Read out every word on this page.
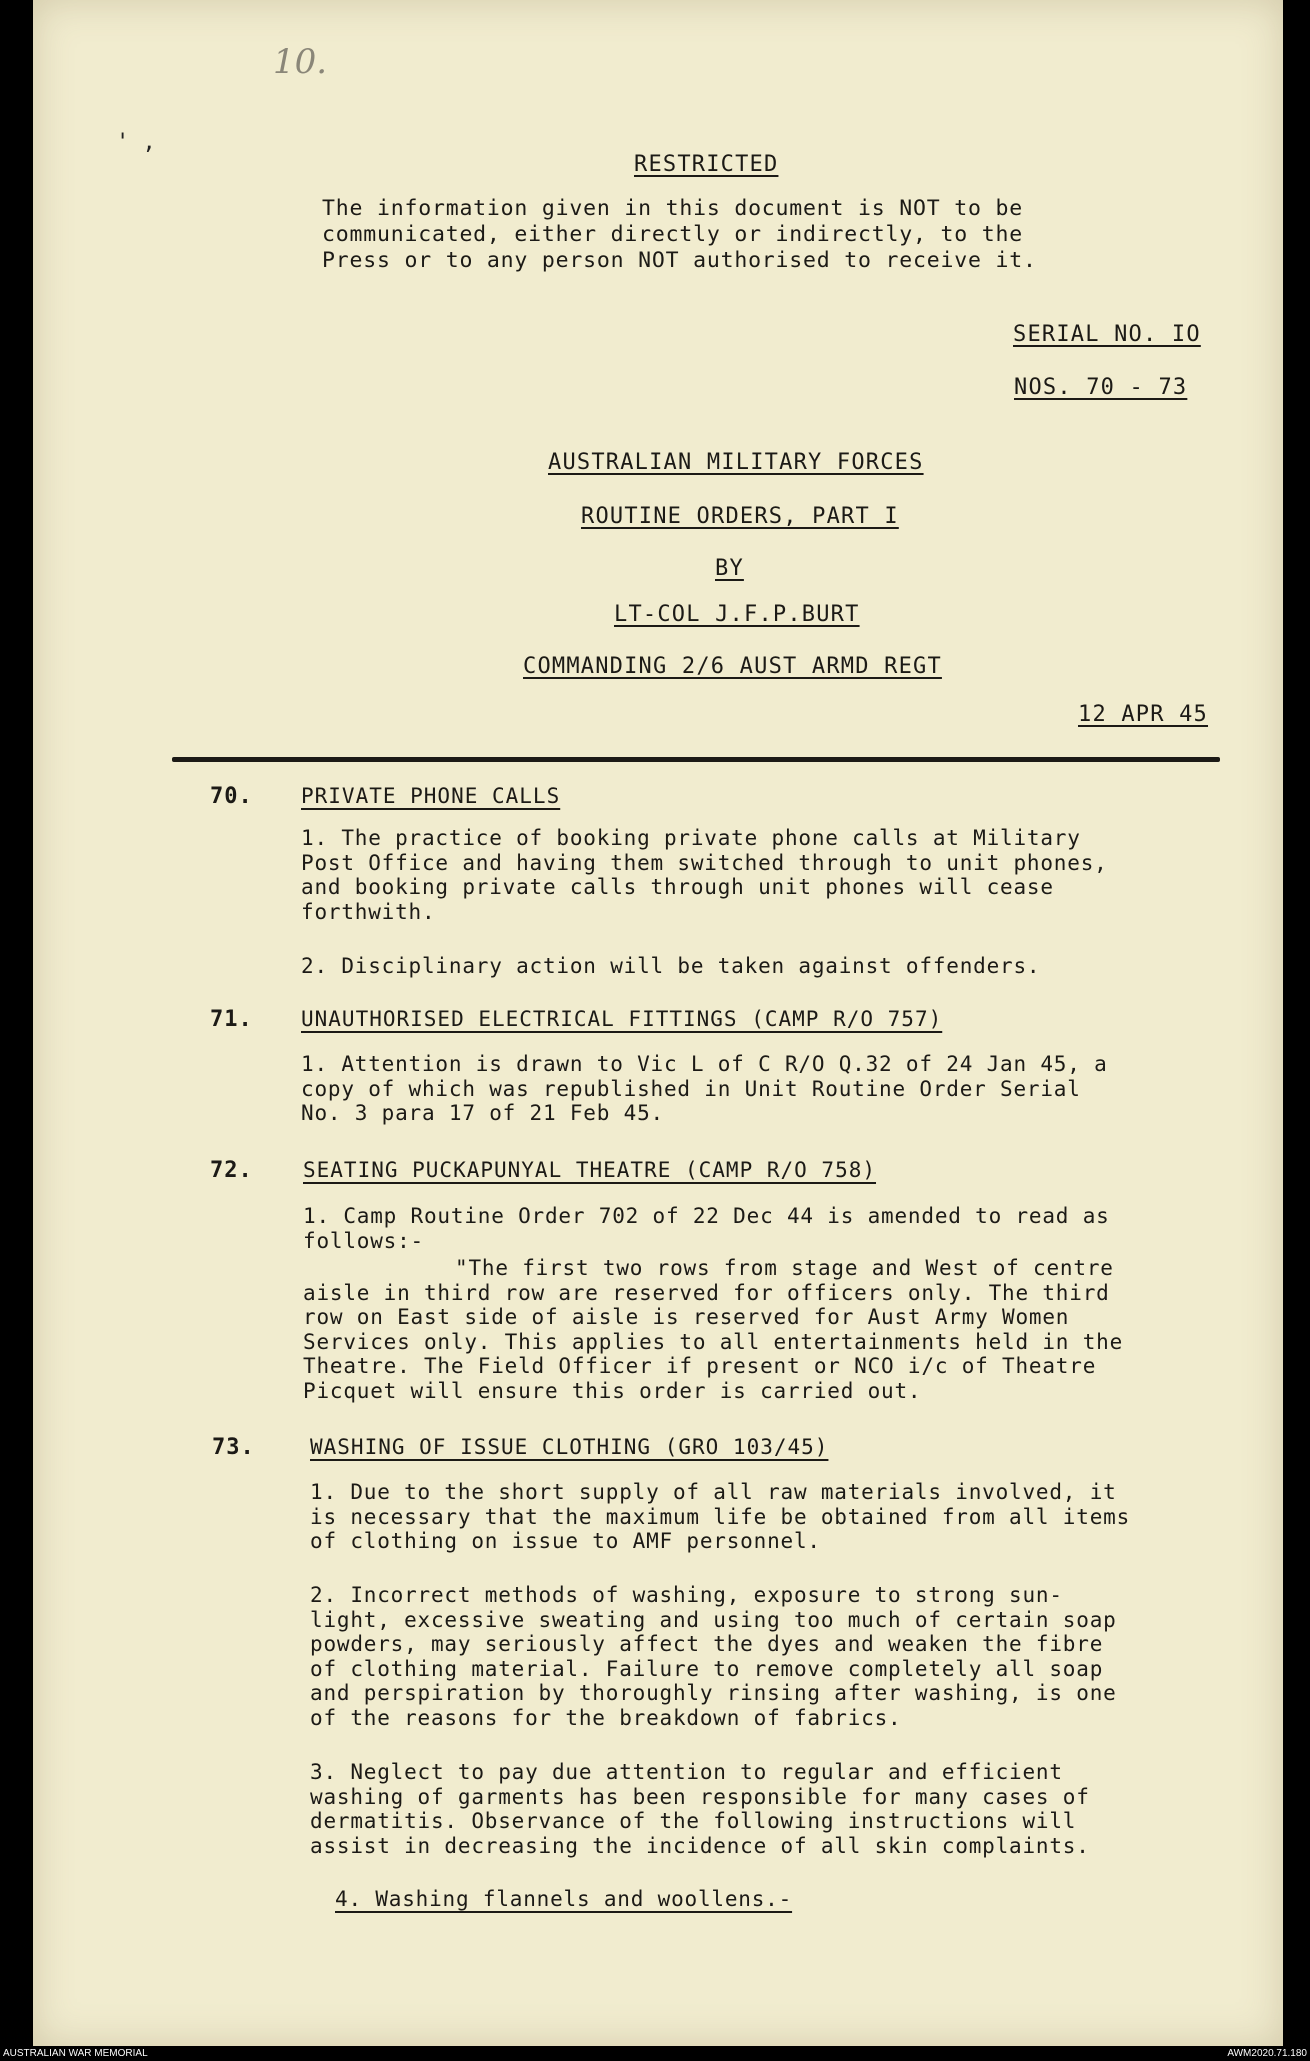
10.
' ,
RESTRICTED
The information given in this document is NOT to be
communicated, either directly or indirectly, to the
Press or to any person NOT authorised to receive it.
SERIAL NO. IO
NOS. 70 - 73
AUSTRALIAN MILITARY FORCES
ROUTINE ORDERS, PART I
BY
LT-COL J.F.P.BURT
COMMANDING 2/6 AUST ARMD REGT
12 APR 45
70. PRIVATE PHONE CALLS
1. The practice of booking private phone calls at Military
Post Office and having them switched through to unit phones,
and booking private calls through unit phones will cease
forthwith.
2. Disciplinary action will be taken against offenders.
71. UNAUTHORISED ELECTRICAL FITTINGS (CAMP R/O 757)
1. Attention is drawn to Vic L of C R/O Q.32 of 24 Jan 45, a
copy of which was republished in Unit Routine Order Serial
No. 3 para 17 of 21 Feb 45.
72. SEATING PUCKAPUNYAL THEATRE (CAMP R/O 758)
1. Camp Routine Order 702 of 22 Dec 44 is amended to read as
follows:-
"The first two rows from stage and West of centre
aisle in third row are reserved for officers only. The third
row on East side of aisle is reserved for Aust Army Women
Services only. This applies to all entertainments held in the
Theatre. The Field Officer if present or NCO i/c of Theatre
Picquet will ensure this order is carried out.
73.	WASHING OF ISSUE CLOTHING (GRO 103/45)
1. Due to the short supply of all raw materials involved, it
is necessary that the maximum life be obtained from all items
of clothing on issue to AMF personnel.
2. Incorrect methods of washing, exposure to strong sun-
light, excessive sweating and using too much of certain soap
powders, may seriously affect the dyes and weaken the fibre
of clothing material. Failure to remove completely all soap
and perspiration by thoroughly rinsing after washing, is one
of the reasons for the breakdown of fabrics.
3. Neglect to pay due attention to regular and efficient
washing of garments has been responsible for many cases of
dermatitis. Observance of the following instructions will
assist in decreasing the incidence of all skin complaints.
4. Washing flannels and woollens.-
AUSTRALIAN WAR MEMORIAL	AWM2020.71.180
